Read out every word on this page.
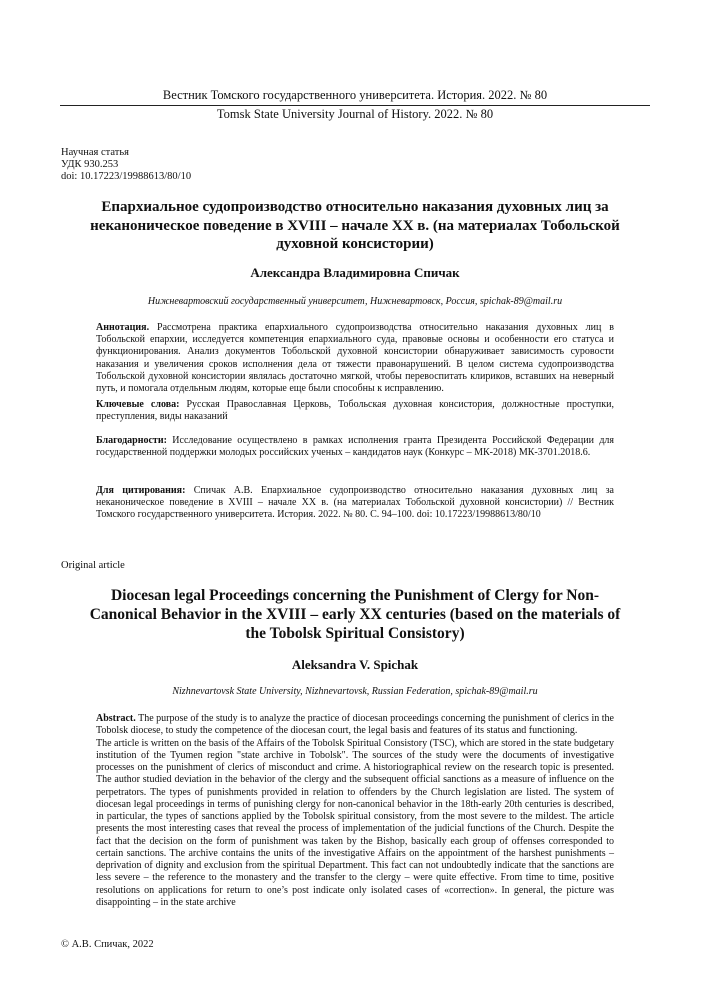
Вестник Томского государственного университета. История. 2022. № 80
Tomsk State University Journal of History. 2022. № 80
Научная статья
УДК 930.253
doi: 10.17223/19988613/80/10
Епархиальное судопроизводство относительно наказания духовных лиц за неканоническое поведение в XVIII – начале XX в. (на материалах Тобольской духовной консистории)
Александра Владимировна Спичак
Нижневартовский государственный университет, Нижневартовск, Россия, spichak-89@mail.ru
Аннотация. Рассмотрена практика епархиального судопроизводства относительно наказания духовных лиц в Тобольской епархии, исследуется компетенция епархиального суда, правовые основы и особенности его статуса и функционирования. Анализ документов Тобольской духовной консистории обнаруживает зависимость суровости наказания и увеличения сроков исполнения дела от тяжести правонарушений. В целом система судопроизводства Тобольской духовной консистории являлась достаточно мягкой, чтобы перевоспитать клириков, вставших на неверный путь, и помогала отдельным людям, которые еще были способны к исправлению.
Ключевые слова: Русская Православная Церковь, Тобольская духовная консистория, должностные проступки, преступления, виды наказаний
Благодарности: Исследование осуществлено в рамках исполнения гранта Президента Российской Федерации для государственной поддержки молодых российских ученых – кандидатов наук (Конкурс – МК-2018) МК-3701.2018.6.
Для цитирования: Спичак А.В. Епархиальное судопроизводство относительно наказания духовных лиц за неканоническое поведение в XVIII – начале XX в. (на материалах Тобольской духовной консистории) // Вестник Томского государственного университета. История. 2022. № 80. С. 94–100. doi: 10.17223/19988613/80/10
Original article
Diocesan legal Proceedings concerning the Punishment of Clergy for Non-Canonical Behavior in the XVIII – early XX centuries (based on the materials of the Tobolsk Spiritual Consistory)
Aleksandra V. Spichak
Nizhnevartovsk State University, Nizhnevartovsk, Russian Federation, spichak-89@mail.ru

Abstract. The purpose of the study is to analyze the practice of diocesan proceedings concerning the punishment of clerics in the Tobolsk diocese, to study the competence of the diocesan court, the legal basis and features of its status and functioning.

The article is written on the basis of the Affairs of the Tobolsk Spiritual Consistory (TSC), which are stored in the state budgetary institution of the Tyumen region "state archive in Tobolsk". The sources of the study were the documents of investigative processes on the punishment of clerics of misconduct and crime. A historiographical review on the research topic is presented. The author studied deviation in the behavior of the clergy and the subsequent official sanctions as a measure of influence on the perpetrators. The types of punishments provided in relation to offenders by the Church legislation are listed. The system of diocesan legal proceedings in terms of punishing clergy for non-canonical behavior in the 18th-early 20th centuries is described, in particular, the types of sanctions applied by the Tobolsk spiritual consistory, from the most severe to the mildest. The article presents the most interesting cases that reveal the process of implementation of the judicial functions of the Church. Despite the fact that the decision on the form of punishment was taken by the Bishop, basically each group of offenses corresponded to certain sanctions. The archive contains the units of the investigative Affairs on the appointment of the harshest punishments – deprivation of dignity and exclusion from the spiritual Department. This fact can not undoubtedly indicate that the sanctions are less severe – the reference to the monastery and the transfer to the clergy – were quite effective. From time to time, positive resolutions on applications for return to one’s post indicate only isolated cases of «correction». In general, the picture was disappointing – in the state archive

© А.В. Спичак, 2022
